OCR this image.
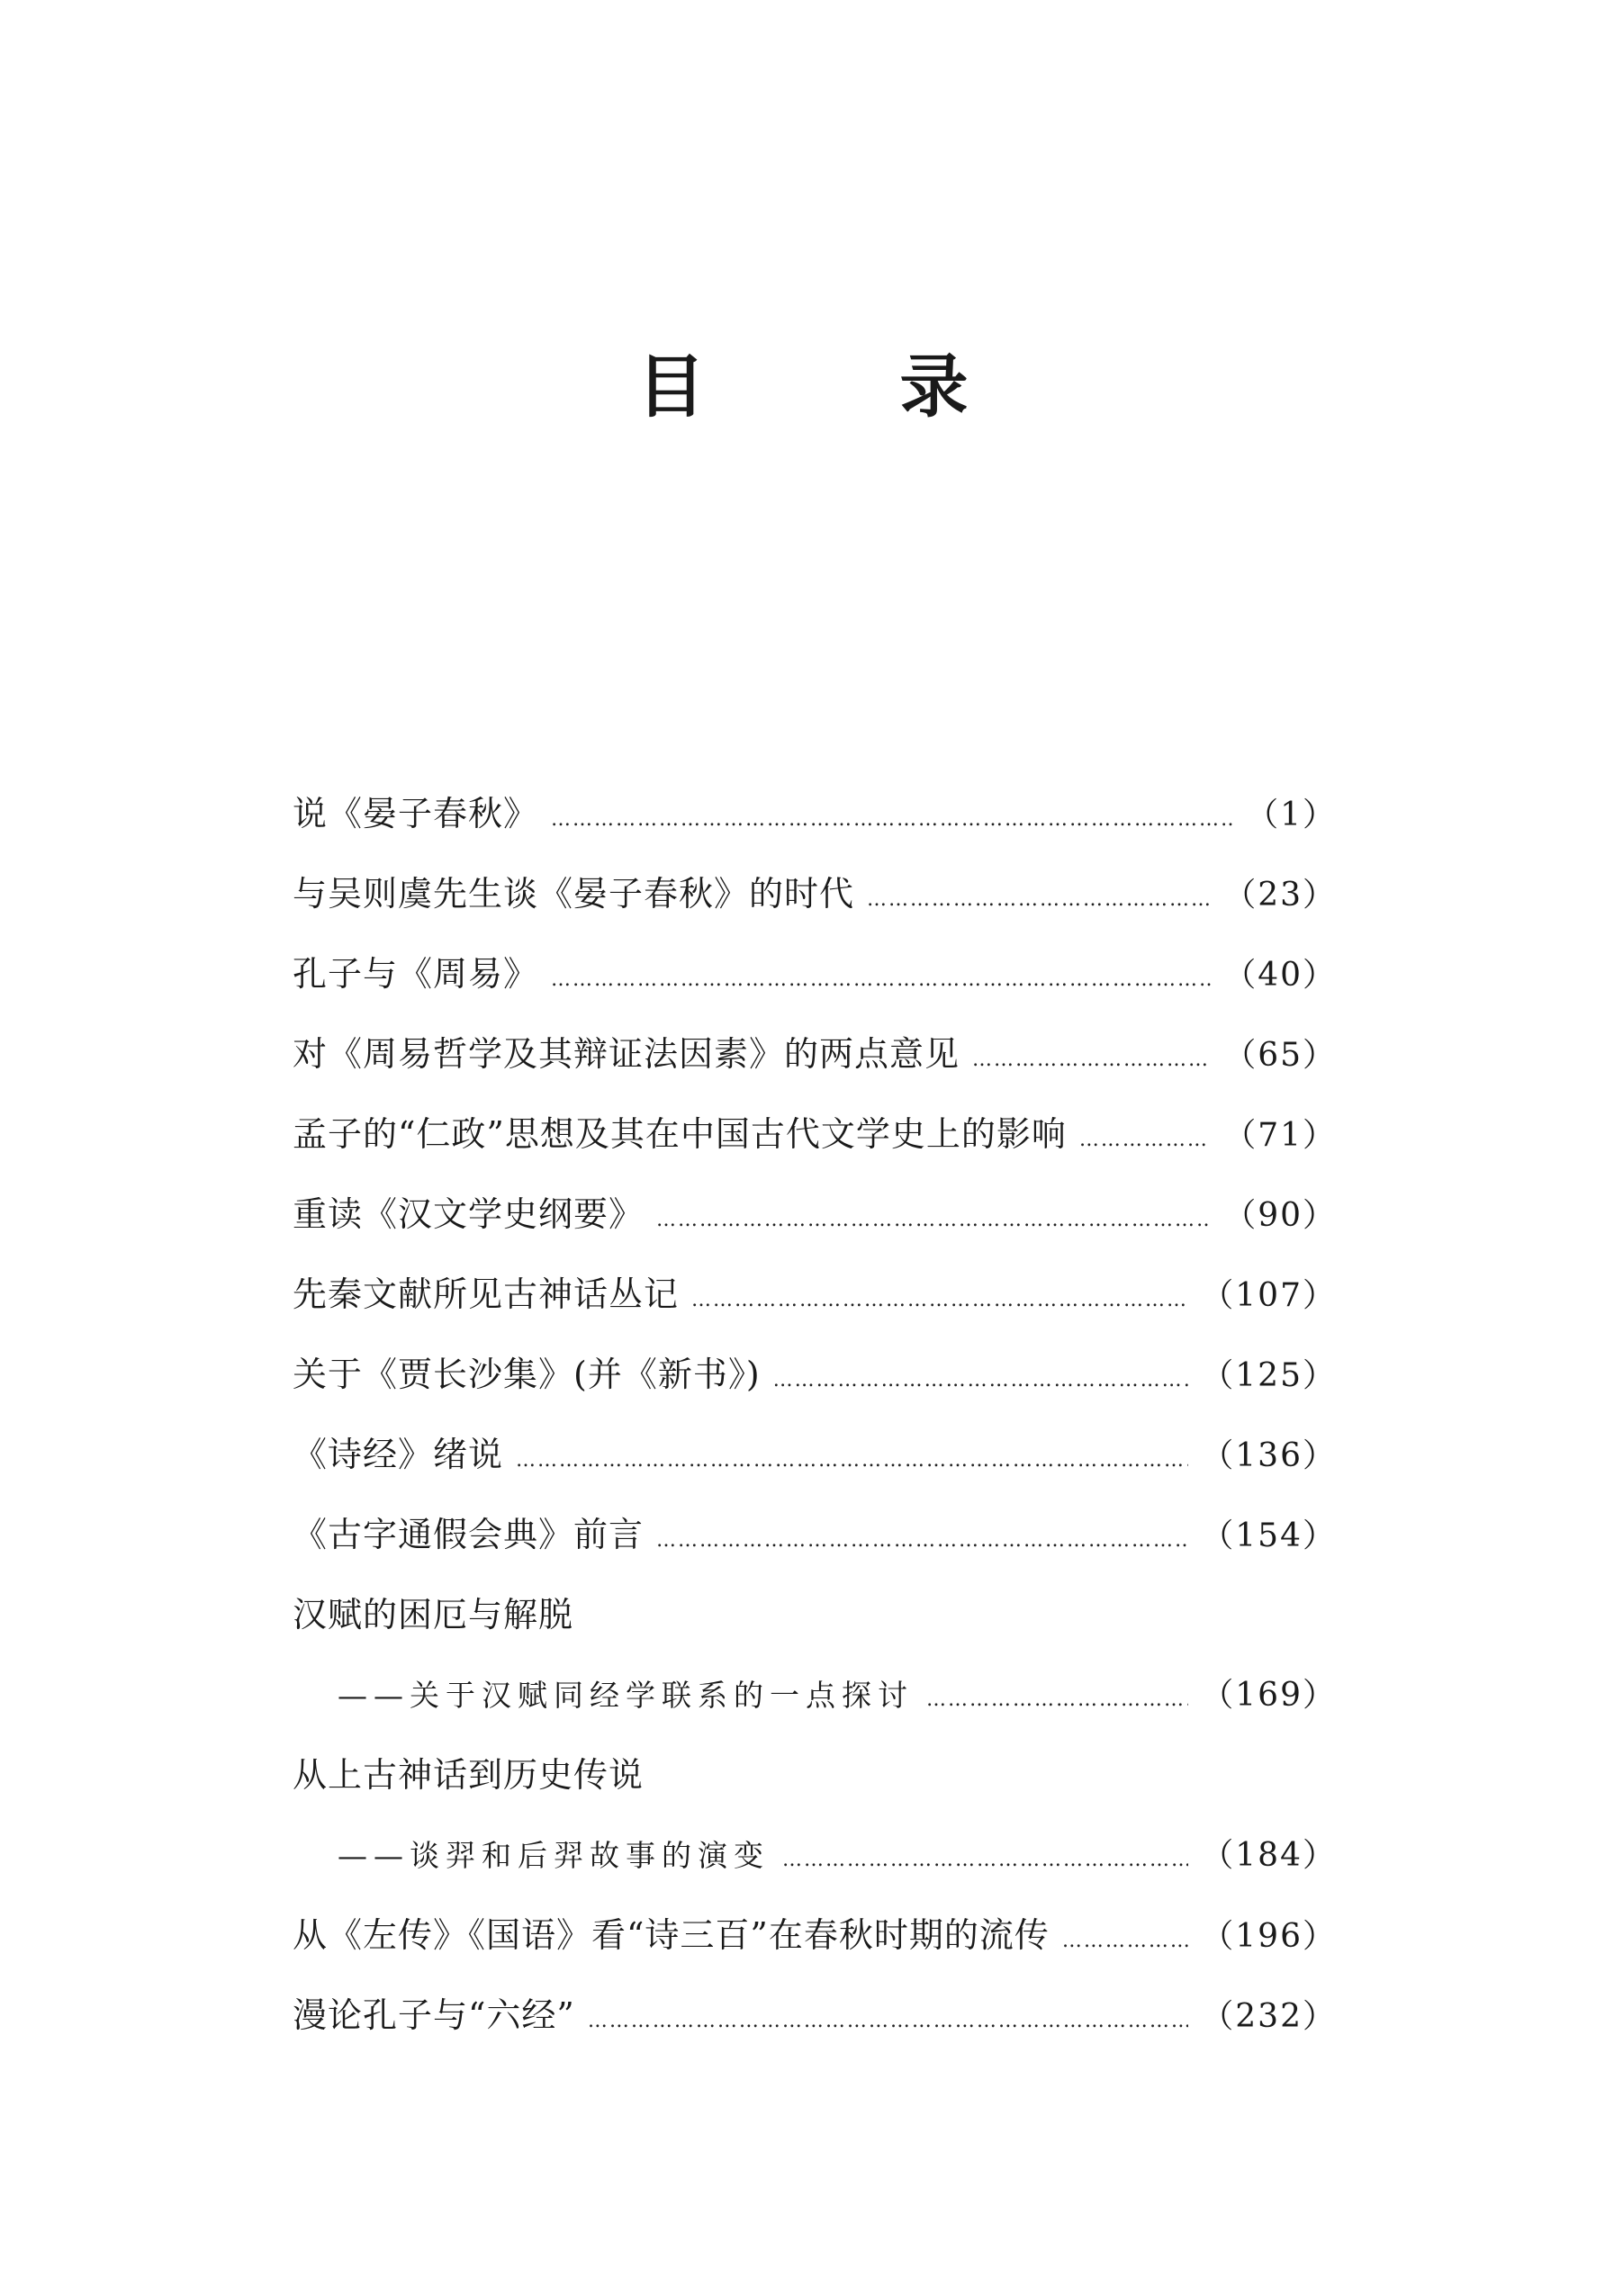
目　录
说《晏子春秋》 …………………………………………………………………………………………………………………………………………………………	（1）
与吴则虞先生谈《晏子春秋》的时代 …………………………………………………………………………………………………………………………………………………………	（23）
孔子与《周易》 …………………………………………………………………………………………………………………………………………………………	（40）
对《周易哲学及其辩证法因素》的两点意见 …………………………………………………………………………………………………………………………………………………………	（65）
孟子的“仁政”思想及其在中国古代文学史上的影响 …………………………………………………………………………………………………………………………………………………………	（71）
重读《汉文学史纲要》 …………………………………………………………………………………………………………………………………………………………	（90）
先秦文献所见古神话丛记 …………………………………………………………………………………………………………………………………………………………	（107）
关于《贾长沙集》(并《新书》) …………………………………………………………………………………………………………………………………………………………	（125）
《诗经》绪说 …………………………………………………………………………………………………………………………………………………………	（136）
《古字通假会典》前言 …………………………………………………………………………………………………………………………………………………………	（154）
汉赋的困厄与解脱
——关于汉赋同经学联系的一点探讨 …………………………………………………………………………………………………………………………………………………………	（169）
从上古神话到历史传说
——谈羿和后羿故事的演变 …………………………………………………………………………………………………………………………………………………………	（184）
从《左传》《国语》看“诗三百”在春秋时期的流传 …………………………………………………………………………………………………………………………………………………………	（196）
漫论孔子与“六经” …………………………………………………………………………………………………………………………………………………………	（232）
